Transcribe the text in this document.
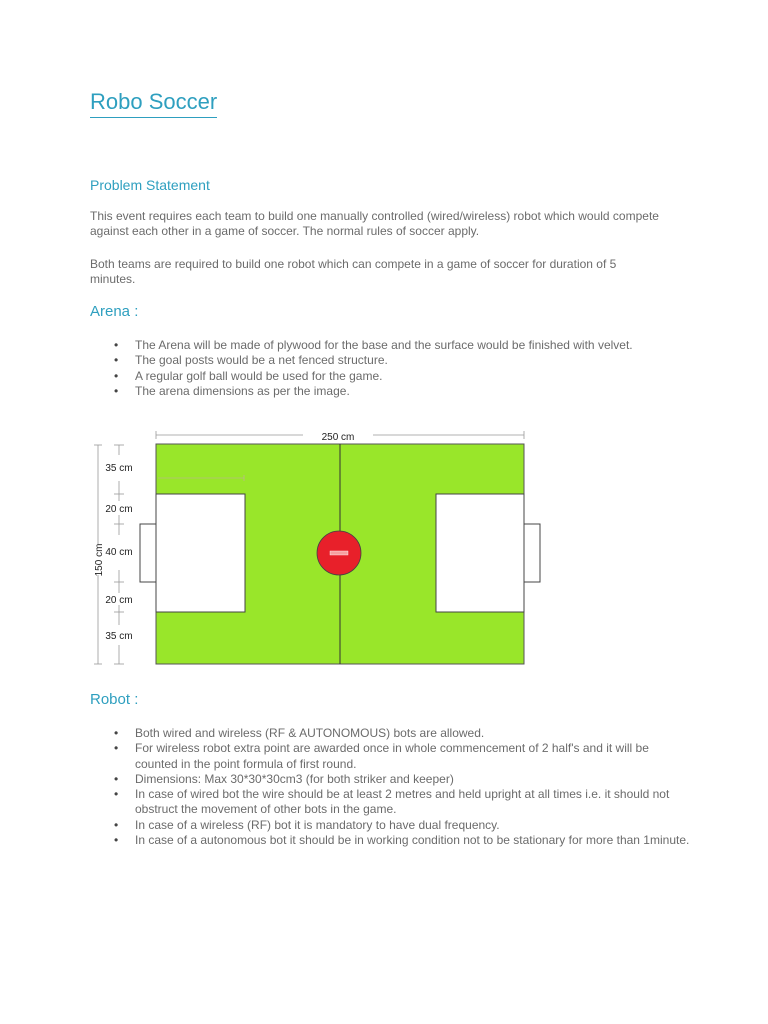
Robo Soccer
Problem Statement

This event requires each team to build one manually controlled (wired/wireless) robot which would compete against each other in a game of soccer. The normal rules of soccer apply.

Both teams are required to build one robot which can compete in a game of soccer for duration of 5 minutes.

Arena :
• The Arena will be made of plywood for the base and the surface would be finished with velvet.
• The goal posts would be a net fenced structure.
• A regular golf ball would be used for the game.
• The arena dimensions as per the image.
250 cm
150 cm
35 cm
20 cm
40 cm
20 cm
35 cm
Robot :
• Both wired and wireless (RF & AUTONOMOUS) bots are allowed.
• For wireless robot extra point are awarded once in whole commencement of 2 half's and it will be counted in the point formula of first round.
• Dimensions: Max 30*30*30cm3 (for both striker and keeper)
• In case of wired bot the wire should be at least 2 metres and held upright at all times i.e. it should not obstruct the movement of other bots in the game.
• In case of a wireless (RF) bot it is mandatory to have dual frequency.
• In case of a autonomous bot it should be in working condition not to be stationary for more than 1minute.
